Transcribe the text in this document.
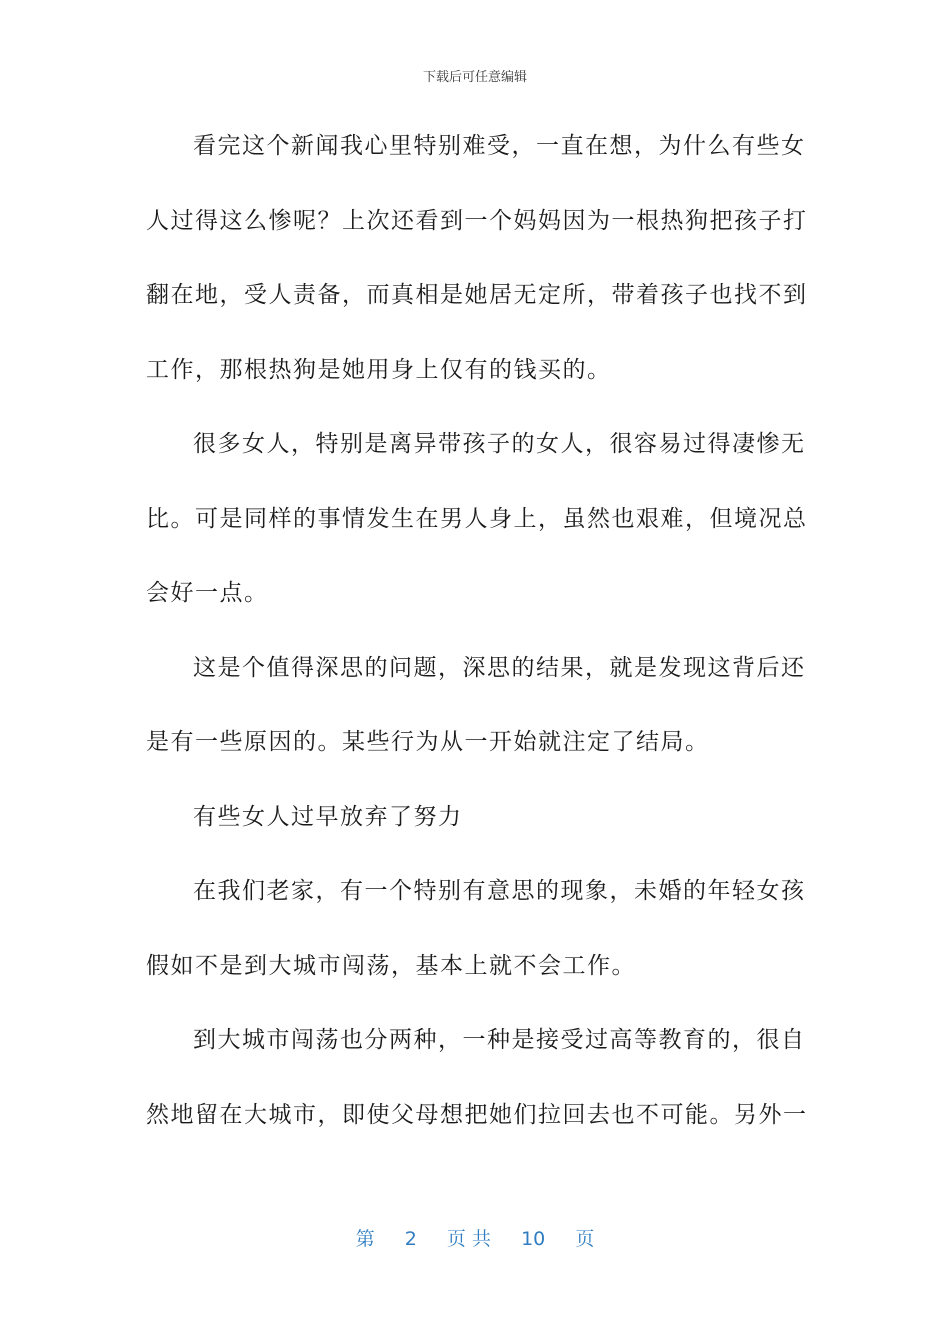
下载后可任意编辑
看完这个新闻我心里特别难受，一直在想，为什么有些女
人过得这么惨呢？上次还看到一个妈妈因为一根热狗把孩子打
翻在地，受人责备，而真相是她居无定所，带着孩子也找不到
工作，那根热狗是她用身上仅有的钱买的。
很多女人，特别是离异带孩子的女人，很容易过得凄惨无
比。可是同样的事情发生在男人身上，虽然也艰难，但境况总
会好一点。
这是个值得深思的问题，深思的结果，就是发现这背后还
是有一些原因的。某些行为从一开始就注定了结局。
有些女人过早放弃了努力
在我们老家，有一个特别有意思的现象，未婚的年轻女孩
假如不是到大城市闯荡，基本上就不会工作。
到大城市闯荡也分两种，一种是接受过高等教育的，很自
然地留在大城市，即使父母想把她们拉回去也不可能。另外一
第 2 页 共 10 页
